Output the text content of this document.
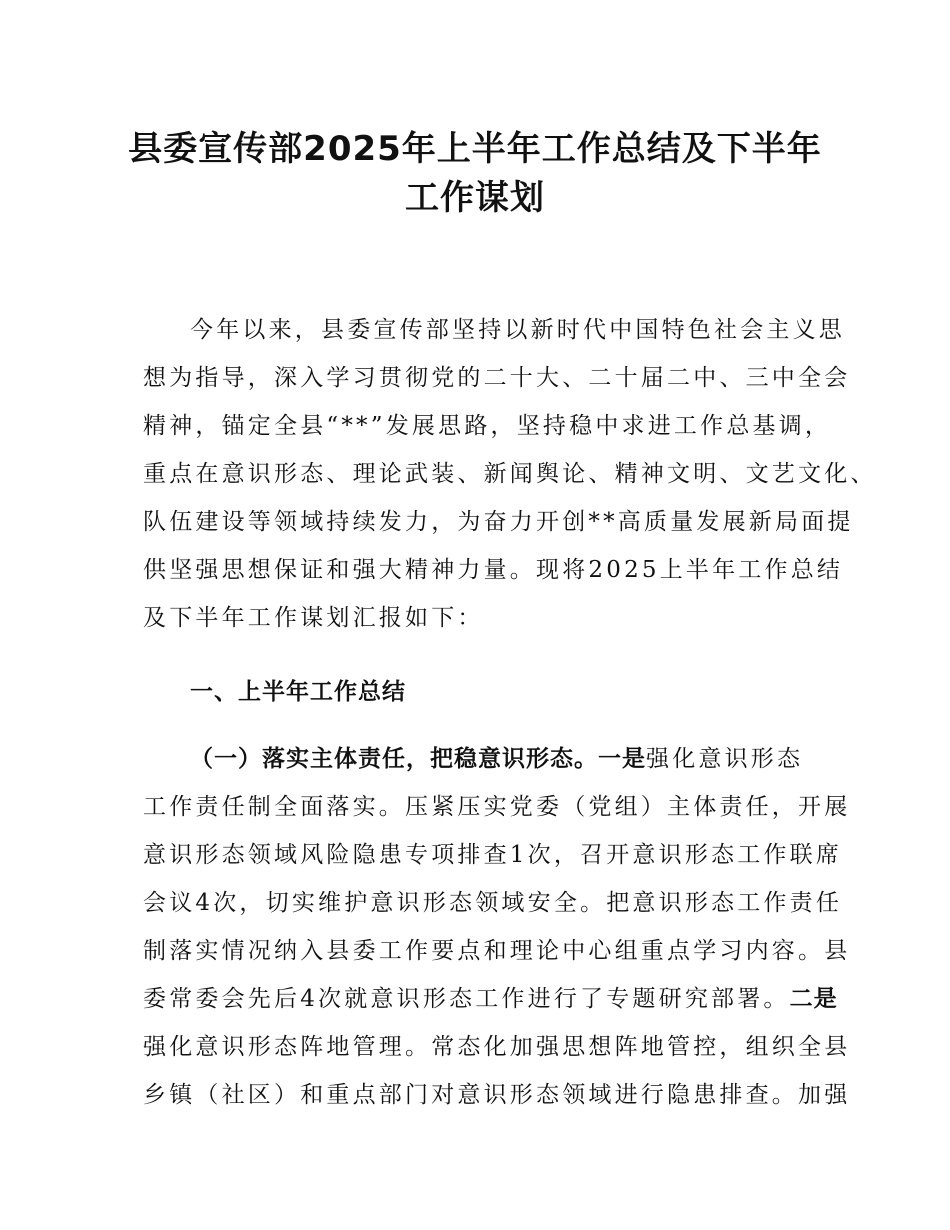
县委宣传部2025年上半年工作总结及下半年
工作谋划
今年以来，县委宣传部坚持以新时代中国特色社会主义思
想为指导，深入学习贯彻党的二十大、二十届二中、三中全会
精神，锚定全县“**”发展思路，坚持稳中求进工作总基调，
重点在意识形态、理论武装、新闻舆论、精神文明、文艺文化、
队伍建设等领域持续发力，为奋力开创**高质量发展新局面提
供坚强思想保证和强大精神力量。现将2025上半年工作总结
及下半年工作谋划汇报如下：
一、上半年工作总结
（一）落实主体责任，把稳意识形态。一是强化意识形态
工作责任制全面落实。压紧压实党委（党组）主体责任，开展
意识形态领域风险隐患专项排查1次，召开意识形态工作联席
会议4次，切实维护意识形态领域安全。把意识形态工作责任
制落实情况纳入县委工作要点和理论中心组重点学习内容。县
委常委会先后4次就意识形态工作进行了专题研究部署。二是
强化意识形态阵地管理。常态化加强思想阵地管控，组织全县
乡镇（社区）和重点部门对意识形态领域进行隐患排查。加强
